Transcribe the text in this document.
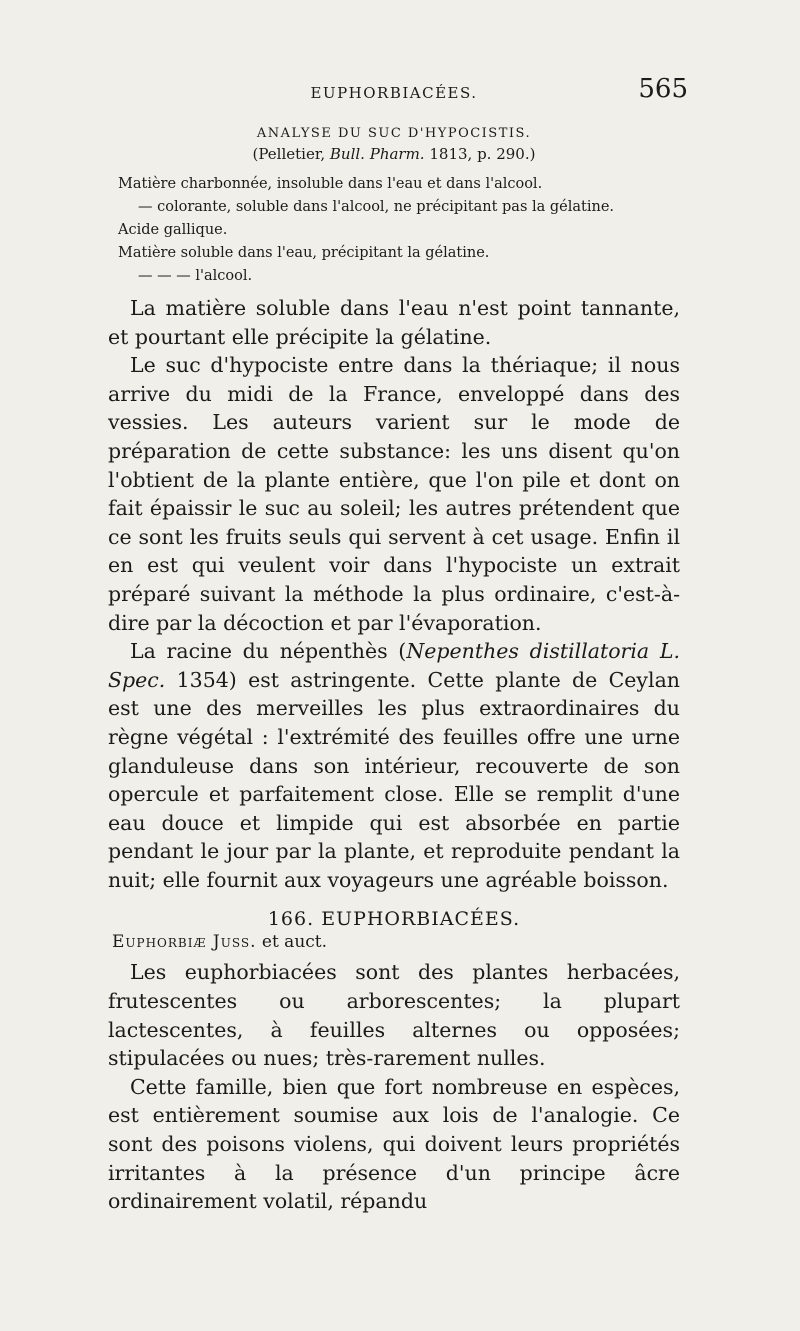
EUPHORBIACÉES.	565
ANALYSE DU SUC D'HYPOCISTIS.
(Pelletier, Bull. Pharm. 1813, p. 290.)
Matière charbonnée, insoluble dans l'eau et dans l'alcool.
— colorante, soluble dans l'alcool, ne précipitant pas la gélatine.
Acide gallique.
Matière soluble dans l'eau, précipitant la gélatine.
— — — l'alcool.

La matière soluble dans l'eau n'est point tannante, et pourtant elle précipite la gélatine.

Le suc d'hypociste entre dans la thériaque; il nous arrive du midi de la France, enveloppé dans des vessies. Les auteurs varient sur le mode de préparation de cette substance: les uns disent qu'on l'obtient de la plante entière, que l'on pile et dont on fait épaissir le suc au soleil; les autres prétendent que ce sont les fruits seuls qui servent à cet usage. Enfin il en est qui veulent voir dans l'hypociste un extrait préparé suivant la méthode la plus ordinaire, c'est-à-dire par la décoction et par l'évaporation.

La racine du népenthès (Nepenthes distillatoria L. Spec. 1354) est astringente. Cette plante de Ceylan est une des merveilles les plus extraordinaires du règne végétal : l'extrémité des feuilles offre une urne glanduleuse dans son intérieur, recouverte de son opercule et parfaitement close. Elle se remplit d'une eau douce et limpide qui est absorbée en partie pendant le jour par la plante, et reproduite pendant la nuit; elle fournit aux voyageurs une agréable boisson.

166. EUPHORBIACÉES.
Euphorbiæ Juss. et auct.

Les euphorbiacées sont des plantes herbacées, frutescentes ou arborescentes; la plupart lactescentes, à feuilles alternes ou opposées; stipulacées ou nues; très-rarement nulles.

Cette famille, bien que fort nombreuse en espèces, est entièrement soumise aux lois de l'analogie. Ce sont des poisons violens, qui doivent leurs propriétés irritantes à la présence d'un principe âcre ordinairement volatil, répandu
